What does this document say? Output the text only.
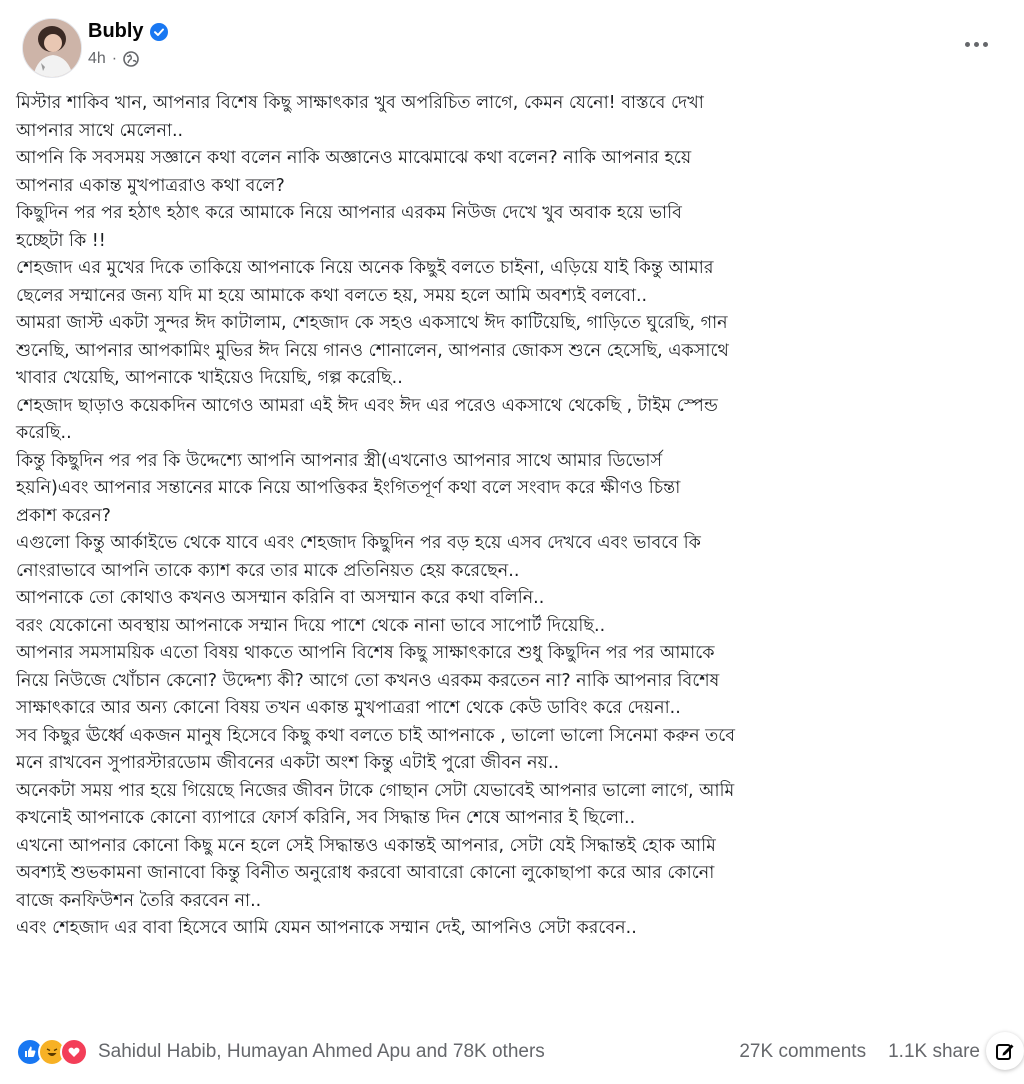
Bubly
4h ·
মিস্টার শাকিব খান, আপনার বিশেষ কিছু সাক্ষাৎকার খুব অপরিচিত লাগে, কেমন যেনো! বাস্তবে দেখা
আপনার সাথে মেলেনা..
আপনি কি সবসময় সজ্ঞানে কথা বলেন নাকি অজ্ঞানেও মাঝেমাঝে কথা বলেন? নাকি আপনার হয়ে
আপনার একান্ত মুখপাত্ররাও কথা বলে?
কিছুদিন পর পর হঠাৎ হঠাৎ করে আমাকে নিয়ে আপনার এরকম নিউজ দেখে খুব অবাক হয়ে ভাবি
হচ্ছেটা কি !!
শেহজাদ এর মুখের দিকে তাকিয়ে আপনাকে নিয়ে অনেক কিছুই বলতে চাইনা, এড়িয়ে যাই কিন্তু আমার
ছেলের সম্মানের জন্য যদি মা হয়ে আমাকে কথা বলতে হয়, সময় হলে আমি অবশ্যই বলবো..
আমরা জাস্ট একটা সুন্দর ঈদ কাটালাম, শেহজাদ কে সহও একসাথে ঈদ কাটিয়েছি, গাড়িতে ঘুরেছি, গান
শুনেছি, আপনার আপকামিং মুভির ঈদ নিয়ে গানও শোনালেন, আপনার জোকস শুনে হেসেছি, একসাথে
খাবার খেয়েছি, আপনাকে খাইয়েও দিয়েছি, গল্প করেছি..
শেহজাদ ছাড়াও কয়েকদিন আগেও আমরা এই ঈদ এবং ঈদ এর পরেও একসাথে থেকেছি , টাইম স্পেন্ড
করেছি..
কিন্তু কিছুদিন পর পর কি উদ্দেশ্যে আপনি আপনার স্ত্রী(এখনোও আপনার সাথে আমার ডিভোর্স
হয়নি)এবং আপনার সন্তানের মাকে নিয়ে আপত্তিকর ইংগিতপূর্ণ কথা বলে সংবাদ করে ক্ষীণও চিন্তা
প্রকাশ করেন?
এগুলো কিন্তু আর্কাইভে থেকে যাবে এবং শেহজাদ কিছুদিন পর বড় হয়ে এসব দেখবে এবং ভাববে কি
নোংরাভাবে আপনি তাকে ক্যাশ করে তার মাকে প্রতিনিয়ত হেয় করেছেন..
আপনাকে তো কোথাও কখনও অসম্মান করিনি বা অসম্মান করে কথা বলিনি..
বরং যেকোনো অবস্থায় আপনাকে সম্মান দিয়ে পাশে থেকে নানা ভাবে সাপোর্ট দিয়েছি..
আপনার সমসাময়িক এতো বিষয় থাকতে আপনি বিশেষ কিছু সাক্ষাৎকারে শুধু কিছুদিন পর পর আমাকে
নিয়ে নিউজে খোঁচান কেনো? উদ্দেশ্য কী? আগে তো কখনও এরকম করতেন না? নাকি আপনার বিশেষ
সাক্ষাৎকারে আর অন্য কোনো বিষয় তখন একান্ত মুখপাত্ররা পাশে থেকে কেউ ডাবিং করে দেয়না..
সব কিছুর ঊর্ধ্বে একজন মানুষ হিসেবে কিছু কথা বলতে চাই আপনাকে , ভালো ভালো সিনেমা করুন তবে
মনে রাখবেন সুপারস্টারডোম জীবনের একটা অংশ কিন্তু এটাই পুরো জীবন নয়..
অনেকটা সময় পার হয়ে গিয়েছে নিজের জীবন টাকে গোছান সেটা যেভাবেই আপনার ভালো লাগে, আমি
কখনোই আপনাকে কোনো ব্যাপারে ফোর্স করিনি, সব সিদ্ধান্ত দিন শেষে আপনার ই ছিলো..
এখনো আপনার কোনো কিছু মনে হলে সেই সিদ্ধান্তও একান্তই আপনার, সেটা যেই সিদ্ধান্তই হোক আমি
অবশ্যই শুভকামনা জানাবো কিন্তু বিনীত অনুরোধ করবো আবারো কোনো লুকোছাপা করে আর কোনো
বাজে কনফিউশন তৈরি করবেন না..
এবং শেহজাদ এর বাবা হিসেবে আমি যেমন আপনাকে সম্মান দেই, আপনিও সেটা করবেন..
Sahidul Habib, Humayan Ahmed Apu and 78K others	27K comments 1.1K share
